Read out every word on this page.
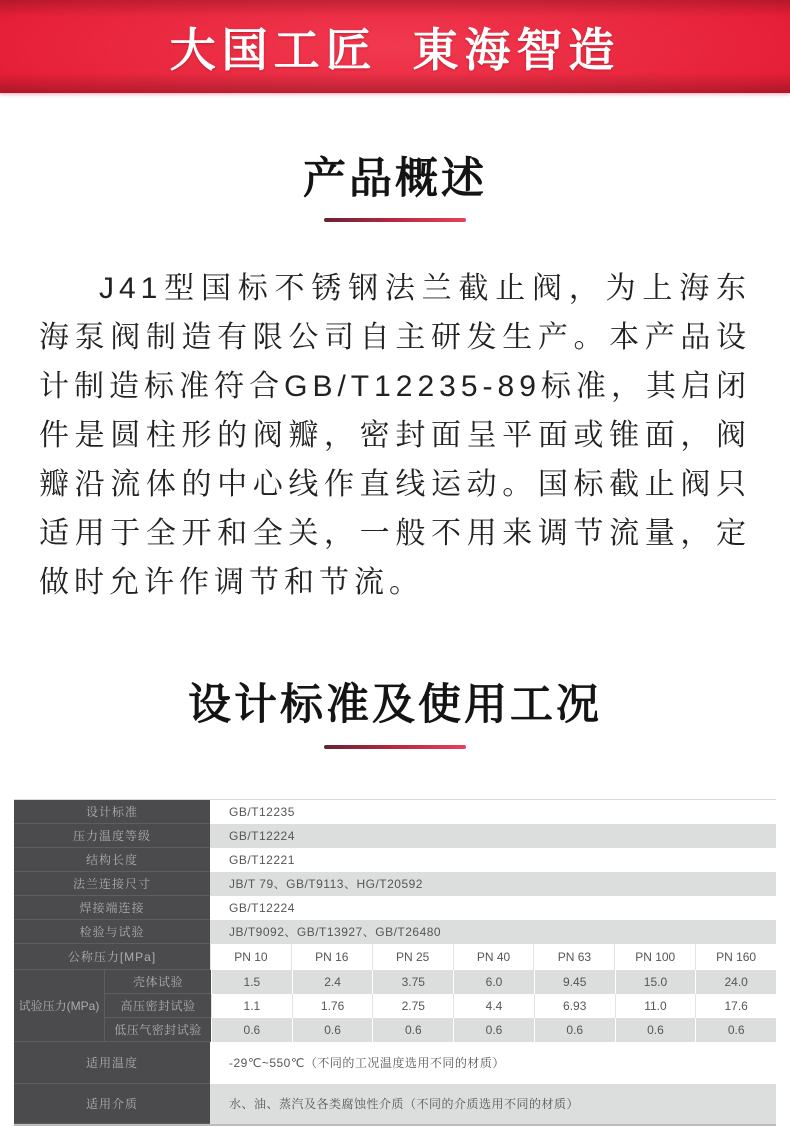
大国工匠 東海智造
产品概述

J41型国标不锈钢法兰截止阀，为上海东海泵阀制造有限公司自主研发生产。本产品设计制造标准符合GB/T12235-89标准，其启闭件是圆柱形的阀瓣，密封面呈平面或锥面，阀瓣沿流体的中心线作直线运动。国标截止阀只适用于全开和全关，一般不用来调节流量，定做时允许作调节和节流。

设计标准及使用工况
设计标准	GB/T12235
压力温度等级	GB/T12224
结构长度	GB/T12221
法兰连接尺寸	JB/T 79、GB/T9113、HG/T20592
焊接端连接	GB/T12224
检验与试验	JB/T9092、GB/T13927、GB/T26480
公称压力[MPa]	PN 10	PN 16	PN 25	PN 40	PN 63	PN 100	PN 160
试验压力(MPa)
壳体试验	1.5	2.4	3.75	6.0	9.45	15.0	24.0
高压密封试验	1.1	1.76	2.75	4.4	6.93	11.0	17.6
低压气密封试验	0.6	0.6	0.6	0.6	0.6	0.6	0.6
适用温度	-29℃~550℃（不同的工况温度选用不同的材质）
适用介质	水、油、蒸汽及各类腐蚀性介质（不同的介质选用不同的材质）
